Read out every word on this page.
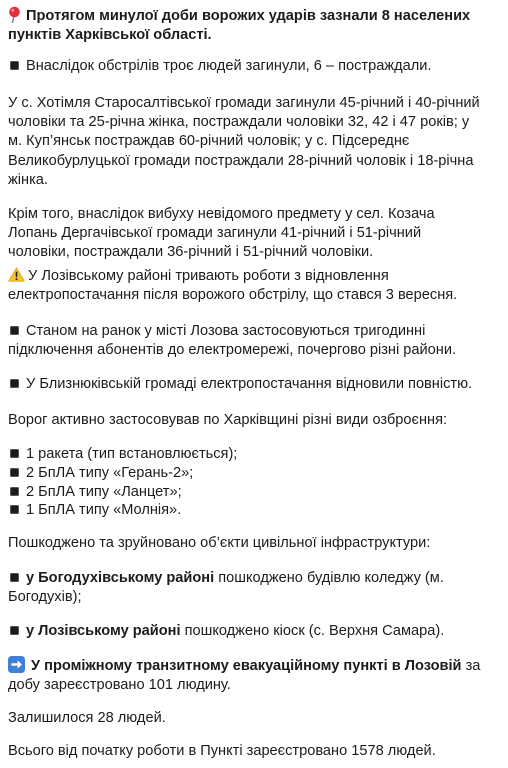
Протягом минулої доби ворожих ударів зазнали 8 населених
пунктів Харківської області.
Внаслідок обстрілів троє людей загинули, 6 – постраждали.
У с. Хотімля Старосалтівської громади загинули 45-річний і 40-річний
чоловіки та 25-річна жінка, постраждали чоловіки 32, 42 і 47 років; у
м. Куп’янськ постраждав 60-річний чоловік; у с. Підсереднє
Великобурлуцької громади постраждали 28-річний чоловік і 18-річна
жінка.
Крім того, внаслідок вибуху невідомого предмету у сел. Козача
Лопань Дергачівської громади загинули 41-річний і 51-річний
чоловіки, постраждали 36-річний і 51-річний чоловіки.
У Лозівському районі тривають роботи з відновлення
електропостачання після ворожого обстрілу, що стався 3 вересня.
Станом на ранок у місті Лозова застосовуються тригодинні
підключення абонентів до електромережі, почергово різні райони.
У Близнюківській громаді електропостачання відновили повністю.
Ворог активно застосовував по Харківщині різні види озброєння:
1 ракета (тип встановлюється);
2 БпЛА типу «Герань-2»;
2 БпЛА типу «Ланцет»;
1 БпЛА типу «Молнія».
Пошкоджено та зруйновано об’єкти цивільної інфраструктури:
у Богодухівському районі пошкоджено будівлю коледжу (м.
Богодухів);
у Лозівському районі пошкоджено кіоск (с. Верхня Самара).
У проміжному транзитному евакуаційному пункті в Лозовій за
добу зареєстровано 101 людину.
Залишилося 28 людей.
Всього від початку роботи в Пункті зареєстровано 1578 людей.
